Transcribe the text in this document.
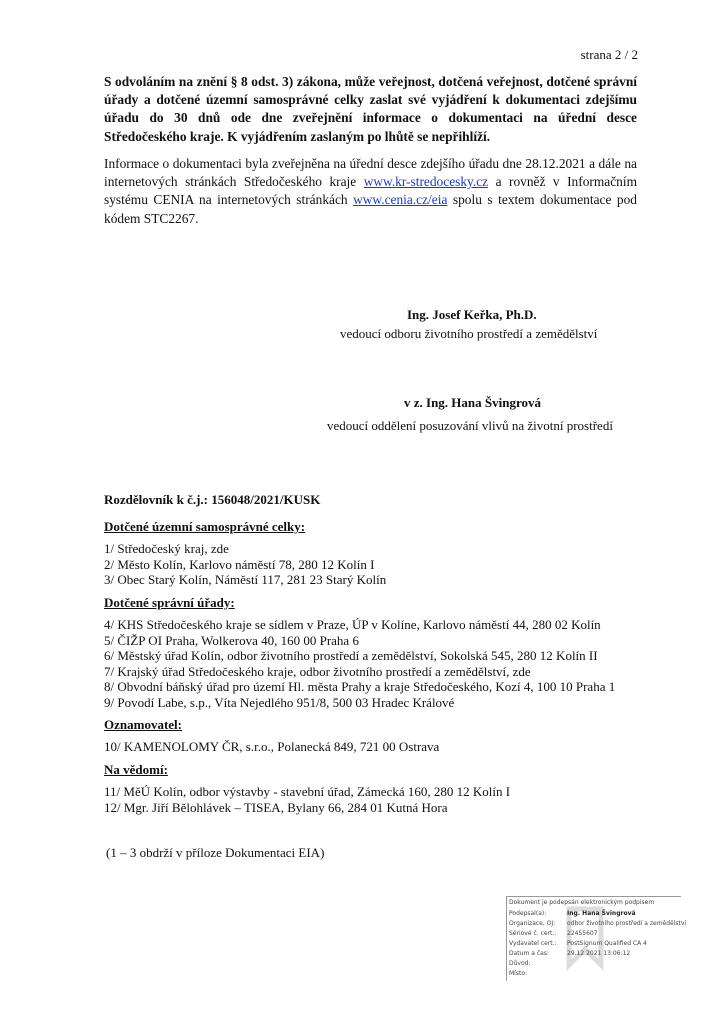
strana 2 / 2
S odvoláním na znění § 8 odst. 3) zákona, může veřejnost, dotčená veřejnost, dotčené správní úřady a dotčené územní samosprávné celky zaslat své vyjádření k dokumentaci zdejšímu úřadu do 30 dnů ode dne zveřejnění informace o dokumentaci na úřední desce Středočeského kraje. K vyjádřením zaslaným po lhůtě se nepřihlíží.
Informace o dokumentaci byla zveřejněna na úřední desce zdejšího úřadu dne 28.12.2021 a dále na internetových stránkách Středočeského kraje www.kr-stredocesky.cz a rovněž v Informačním systému CENIA na internetových stránkách www.cenia.cz/eia spolu s textem dokumentace pod kódem STC2267.
Ing. Josef Keřka, Ph.D.
vedoucí odboru životního prostředí a zemědělství
v z. Ing. Hana Švingrová
vedoucí oddělení posuzování vlivů na životní prostředí
Rozdělovník k č.j.: 156048/2021/KUSK
Dotčené územní samosprávné celky:
1/ Středočeský kraj, zde
2/ Město Kolín, Karlovo náměstí 78, 280 12 Kolín I
3/ Obec Starý Kolín, Náměstí 117, 281 23 Starý Kolín
Dotčené správní úřady:
4/ KHS Středočeského kraje se sídlem v Praze, ÚP v Kolíne, Karlovo náměstí 44, 280 02 Kolín
5/ ČIŽP OI Praha, Wolkerova 40, 160 00 Praha 6
6/ Městský úřad Kolín, odbor životního prostředí a zemědělství, Sokolská 545, 280 12 Kolín II
7/ Krajský úřad Středočeského kraje, odbor životního prostředí a zemědělství, zde
8/ Obvodní báňský úřad pro území Hl. města Prahy a kraje Středočeského, Kozí 4, 100 10 Praha 1
9/ Povodí Labe, s.p., Víta Nejedlého 951/8, 500 03 Hradec Králové
Oznamovatel:
10/ KAMENOLOMY ČR, s.r.o., Polanecká 849, 721 00 Ostrava
Na vědomí:
11/ MěÚ Kolín, odbor výstavby - stavební úřad, Zámecká 160, 280 12 Kolín I
12/ Mgr. Jiří Bělohlávek – TISEA, Bylany 66, 284 01 Kutná Hora
(1 – 3 obdrží v příloze Dokumentaci EIA)
Dokument je podepsán elektronickým podpisem
Podepsal(a):	Ing. Hana Švingrová
Organizace, OJ: odbor životního prostředí a zemědělství
Sériové č. cert.: 22455607
Vydavatel cert.: PostSignum Qualified CA 4
Datum a čas:	29.12.2021 13:06:12
Důvod:
Místo:
